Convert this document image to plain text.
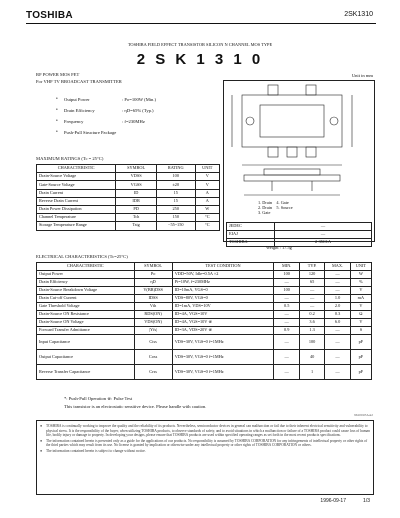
TOSHIBA	2SK1310
TOSHIBA FIELD EFFECT TRANSISTOR SILICON N CHANNEL MOS TYPE
2 S K 1 3 1 0
RF POWER MOS FET
For VHF TV BROADCAST TRANSMITTER
Unit in mm
• Output Power	: Po=100W (Min.)
• Drain Efficiency	: ηD=65% (Typ.)
• Frequency	: f=230MHz
• Push-Pull Structure Package
MAXIMUM RATINGS (Tc = 25°C)
CHARACTERISTIC	SYMBOL	RATING	UNIT
Drain-Source Voltage	VDSS	100	V
Gate-Source Voltage	VGSS	±20	V
Drain Current	ID	15	A
Reverse Drain Current	IDR	15	A
Drain Power Dissipation	PD	250	W
Channel Temperature	Tch	150	°C
Storage Temperature Range	Tstg	−55~150	°C
1. Drain 4. Gate
2. Drain 5. Source
3. Gate
JEDEC	―
EIAJ	―
TOSHIBA	2-35C1A
Weight : 17.5g
ELECTRICAL CHARACTERISTICS (Tc=25°C)
CHARACTERISTIC	SYMBOL	TEST CONDITION	MIN.	TYP.	MAX.	UNIT
Output Power	Po	VDD=50V, Idle=0.5A ×2	100	120	―	W
Drain Efficiency	ηD	Pi=10W, f=230MHz	―	65	―	%
Drain-Source Breakdown Voltage	V(BR)DSS	ID=10mA, VGS=0	100	―	―	V
Drain Cut-off Current	IDSS	VDS=80V, VGS=0	―	―	1.0	mA
Gate Threshold Voltage	Vth	ID=1mA, VDS=10V	0.5	―	2.0	V
Drain-Source ON Resistance	RDS(ON)	ID=4A, VGS=10V	―	0.2	0.3	Ω
Drain-Source ON Voltage	VDS(ON)	ID=4A, VGS=10V ※	―	3.6	6.0	V
Forward Transfer Admittance	|Yfs|	ID=3A, VDS=20V ※	0.9	1.3	―	S
Input Capacitance	Ciss	VDS=30V, VGS=0 f=1MHz	―	100	―	pF
Output Capacitance	Coss	VDS=30V, VGS=0 f=1MHz	―	40	―	pF
Reverse Transfer Capacitance	Crss	VDS=30V, VGS=0 f=1MHz	―	1	―	pF
*: Push-Pull Operation ※: Pulse Test
This transistor is an electrostatic sensitive device. Please handle with caution.
961001EAA2

● TOSHIBA is continually working to improve the quality and the reliability of its products. Nevertheless, semiconductor devices in general can malfunction or fail due to their inherent electrical sensitivity and vulnerability to physical stress. It is the responsibility of the buyer, when utilizing TOSHIBA products, to observe standards of safety, and to avoid situations in which a malfunction or failure of a TOSHIBA product could cause loss of human life, bodily injury or damage to property. In developing your designs, please ensure that TOSHIBA products are used within specified operating ranges as set forth in the most recent products specifications.

● The information contained herein is presented only as a guide for the applications of our products. No responsibility is assumed by TOSHIBA CORPORATION for any infringements of intellectual property or other rights of the third parties which may result from its use. No license is granted by implication or otherwise under any intellectual property or other rights of TOSHIBA CORPORATION or others.

● The information contained herein is subject to change without notice.

1996-09-17	1/3
